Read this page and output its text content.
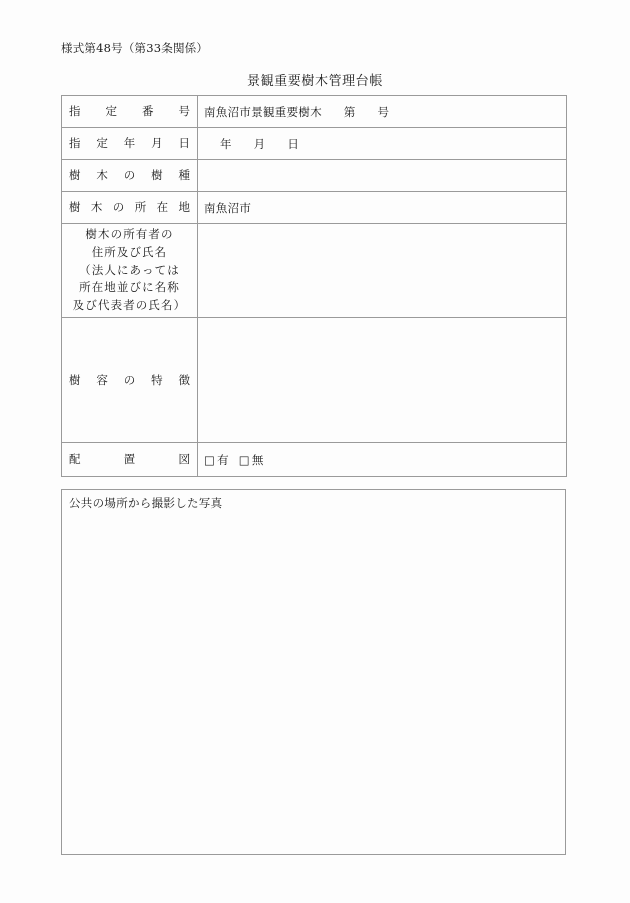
様式第48号（第33条関係）
景観重要樹木管理台帳
指定番号	南魚沼市景観重要樹木 第 号

指定年月日	年 月 日

樹木の樹種	

樹木の所在地	南魚沼市

樹木の所有者の
住所及び氏名
（法人にあっては
所在地並びに名称
及び代表者の氏名）	

樹容の特徴	

配置図	□ 有 □ 無
公共の場所から撮影した写真
